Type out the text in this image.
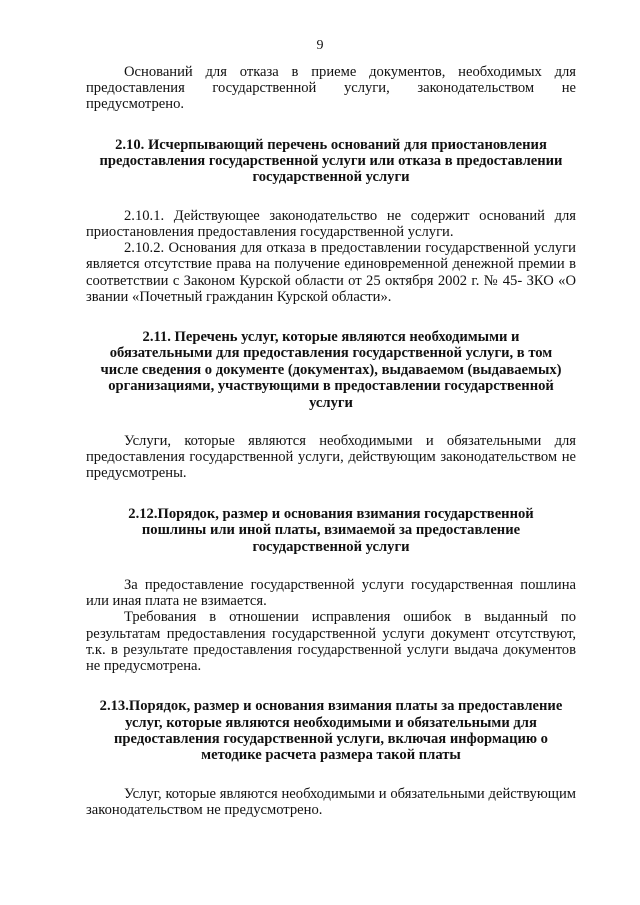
9

Оснований для отказа в приеме документов, необходимых для предоставления государственной услуги, законодательством не предусмотрено.

2.10. Исчерпывающий перечень оснований для приостановления предоставления государственной услуги или отказа в предоставлении государственной услуги

2.10.1. Действующее законодательство не содержит оснований для приостановления предоставления государственной услуги.

2.10.2. Основания для отказа в предоставлении государственной услуги является отсутствие права на получение единовременной денежной премии в соответствии с Законом Курской области от 25 октября 2002 г. № 45- ЗКО «О звании «Почетный гражданин Курской области».

2.11. Перечень услуг, которые являются необходимыми и обязательными для предоставления государственной услуги, в том числе сведения о документе (документах), выдаваемом (выдаваемых) организациями, участвующими в предоставлении государственной услуги

Услуги, которые являются необходимыми и обязательными для предоставления государственной услуги, действующим законодательством не предусмотрены.

2.12.Порядок, размер и основания взимания государственной пошлины или иной платы, взимаемой за предоставление государственной услуги

За предоставление государственной услуги государственная пошлина или иная плата не взимается.

Требования в отношении исправления ошибок в выданный по результатам предоставления государственной услуги документ отсутствуют, т.к. в результате предоставления государственной услуги выдача документов не предусмотрена.

2.13.Порядок, размер и основания взимания платы за предоставление услуг, которые являются необходимыми и обязательными для предоставления государственной услуги, включая информацию о методике расчета размера такой платы

Услуг, которые являются необходимыми и обязательными действующим законодательством не предусмотрено.
